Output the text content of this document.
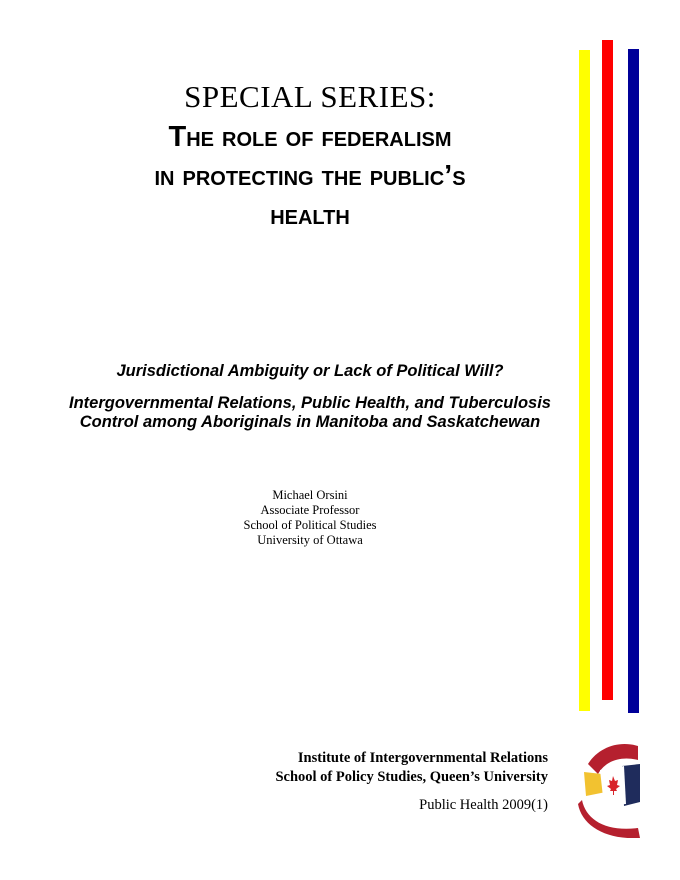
SPECIAL SERIES:
The role of federalism
in protecting the public’s
health
Jurisdictional Ambiguity or Lack of Political Will?
Intergovernmental Relations, Public Health, and Tuberculosis
Control among Aboriginals in Manitoba and Saskatchewan
Michael Orsini
Associate Professor
School of Political Studies
University of Ottawa
Institute of Intergovernmental Relations
School of Policy Studies, Queen’s University
Public Health 2009(1)
